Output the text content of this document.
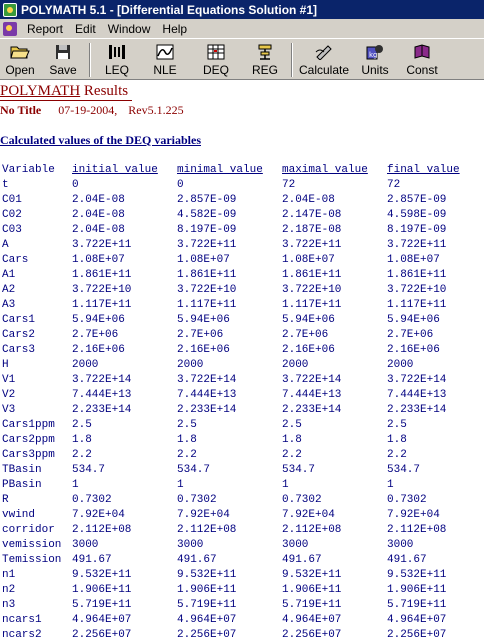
POLYMATH 5.1 - [Differential Equations Solution #1]
Report	Edit	Window	Help
Open Save LEQ NLE DEQ REG Calculate
kg
Units Const
POLYMATH Results
No Title 07-19-2004, Rev5.1.225
Calculated values of the DEQ variables
Variable	initial value	minimal value	maximal value	final value
t	0	0	72	72
C01	2.04E-08	2.857E-09	2.04E-08	2.857E-09
C02	2.04E-08	4.582E-09	2.147E-08	4.598E-09
C03	2.04E-08	8.197E-09	2.187E-08	8.197E-09
A	3.722E+11	3.722E+11	3.722E+11	3.722E+11
Cars	1.08E+07	1.08E+07	1.08E+07	1.08E+07
A1	1.861E+11	1.861E+11	1.861E+11	1.861E+11
A2	3.722E+10	3.722E+10	3.722E+10	3.722E+10
A3	1.117E+11	1.117E+11	1.117E+11	1.117E+11
Cars1	5.94E+06	5.94E+06	5.94E+06	5.94E+06
Cars2	2.7E+06	2.7E+06	2.7E+06	2.7E+06
Cars3	2.16E+06	2.16E+06	2.16E+06	2.16E+06
H	2000	2000	2000	2000
V1	3.722E+14	3.722E+14	3.722E+14	3.722E+14
V2	7.444E+13	7.444E+13	7.444E+13	7.444E+13
V3	2.233E+14	2.233E+14	2.233E+14	2.233E+14
Cars1ppm	2.5	2.5	2.5	2.5
Cars2ppm	1.8	1.8	1.8	1.8
Cars3ppm	2.2	2.2	2.2	2.2
TBasin	534.7	534.7	534.7	534.7
PBasin	1	1	1	1
R	0.7302	0.7302	0.7302	0.7302
vwind	7.92E+04	7.92E+04	7.92E+04	7.92E+04
corridor	2.112E+08	2.112E+08	2.112E+08	2.112E+08
vemission	3000	3000	3000	3000
Temission	491.67	491.67	491.67	491.67
n1	9.532E+11	9.532E+11	9.532E+11	9.532E+11
n2	1.906E+11	1.906E+11	1.906E+11	1.906E+11
n3	5.719E+11	5.719E+11	5.719E+11	5.719E+11
ncars1	4.964E+07	4.964E+07	4.964E+07	4.964E+07
ncars2	2.256E+07	2.256E+07	2.256E+07	2.256E+07
